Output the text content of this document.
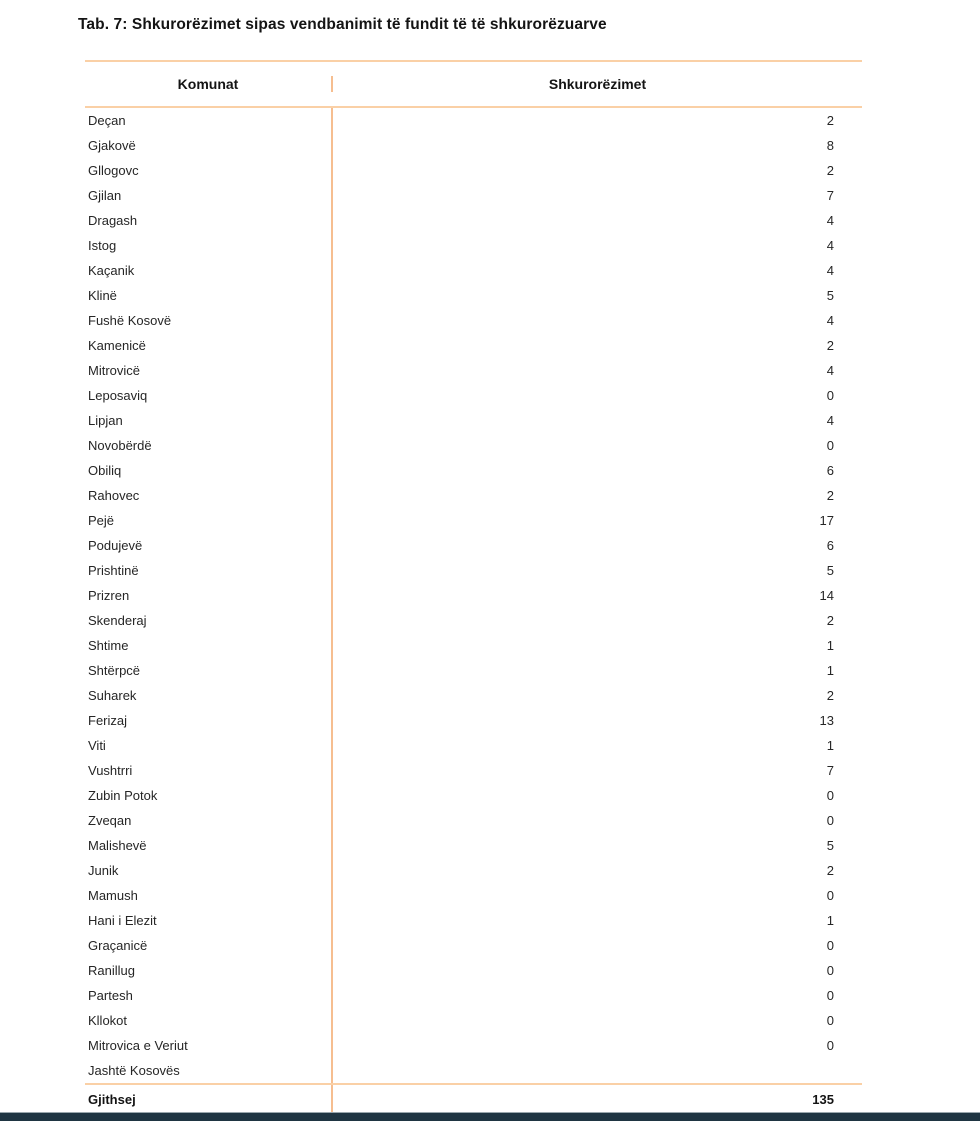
Tab. 7: Shkurorëzimet sipas vendbanimit të fundit të të shkurorëzuarve
Komunat	Shkurorëzimet
Deçan	2
Gjakovë	8
Gllogovc	2
Gjilan	7
Dragash	4
Istog	4
Kaçanik	4
Klinë	5
Fushë Kosovë	4
Kamenicë	2
Mitrovicë	4
Leposaviq	0
Lipjan	4
Novobërdë	0
Obiliq	6
Rahovec	2
Pejë	17
Podujevë	6
Prishtinë	5
Prizren	14
Skenderaj	2
Shtime	1
Shtërpcë	1
Suharek	2
Ferizaj	13
Viti	1
Vushtrri	7
Zubin Potok	0
Zveqan	0
Malishevë	5
Junik	2
Mamush	0
Hani i Elezit	1
Graçanicë	0
Ranillug	0
Partesh	0
Kllokot	0
Mitrovica e Veriut	0
Jashtë Kosovës
Gjithsej	135
